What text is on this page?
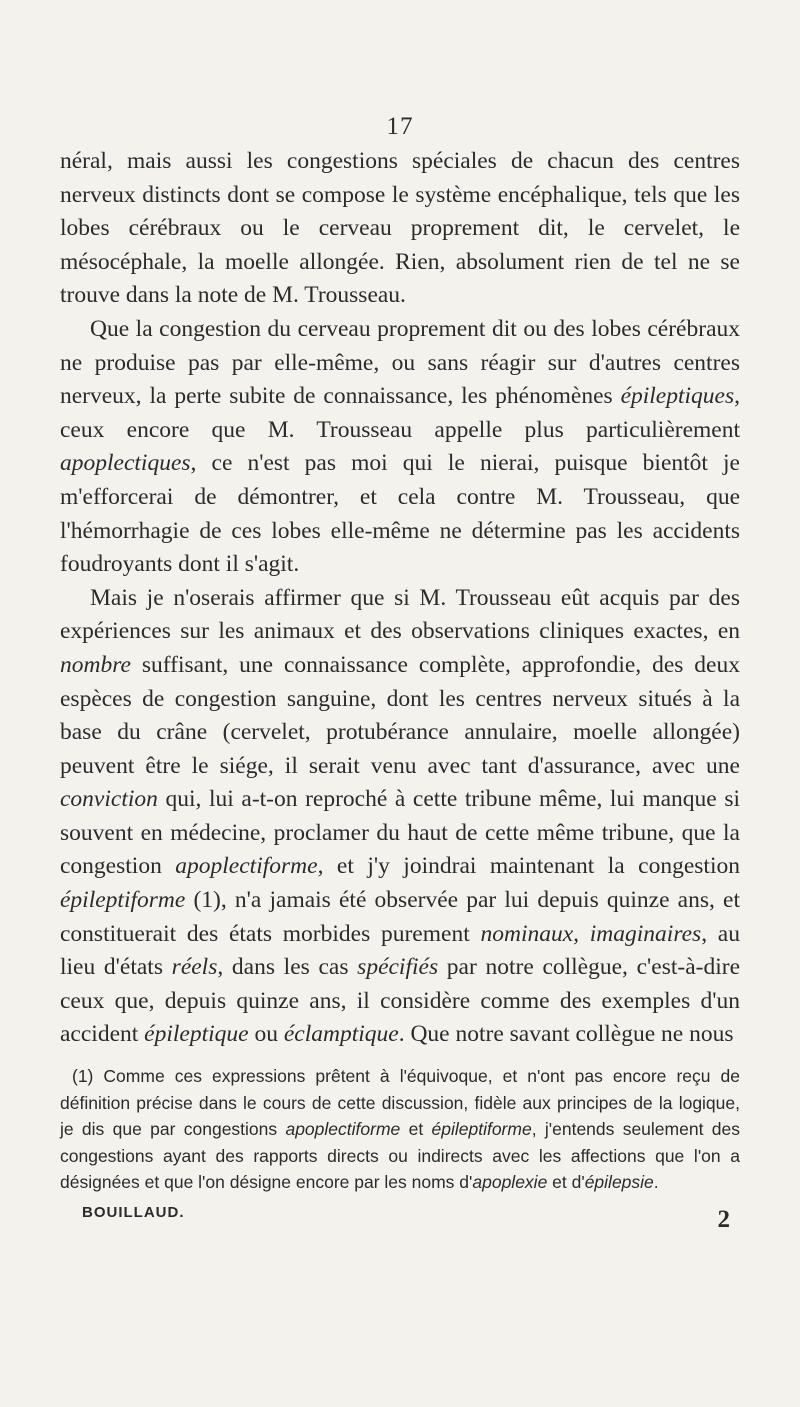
17

néral, mais aussi les congestions spéciales de chacun des centres nerveux distincts dont se compose le système encéphalique, tels que les lobes cérébraux ou le cerveau proprement dit, le cervelet, le mésocéphale, la moelle allongée. Rien, absolument rien de tel ne se trouve dans la note de M. Trousseau.

Que la congestion du cerveau proprement dit ou des lobes cérébraux ne produise pas par elle-même, ou sans réagir sur d'autres centres nerveux, la perte subite de connaissance, les phénomènes épileptiques, ceux encore que M. Trousseau appelle plus particulièrement apoplectiques, ce n'est pas moi qui le nierai, puisque bientôt je m'efforcerai de démontrer, et cela contre M. Trousseau, que l'hémorrhagie de ces lobes elle-même ne détermine pas les accidents foudroyants dont il s'agit.

Mais je n'oserais affirmer que si M. Trousseau eût acquis par des expériences sur les animaux et des observations cliniques exactes, en nombre suffisant, une connaissance complète, approfondie, des deux espèces de congestion sanguine, dont les centres nerveux situés à la base du crâne (cervelet, protubérance annulaire, moelle allongée) peuvent être le siége, il serait venu avec tant d'assurance, avec une conviction qui, lui a-t-on reproché à cette tribune même, lui manque si souvent en médecine, proclamer du haut de cette même tribune, que la congestion apoplectiforme, et j'y joindrai maintenant la congestion épileptiforme (1), n'a jamais été observée par lui depuis quinze ans, et constituerait des états morbides purement nominaux, imaginaires, au lieu d'états réels, dans les cas spécifiés par notre collègue, c'est-à-dire ceux que, depuis quinze ans, il considère comme des exemples d'un accident épileptique ou éclamptique. Que notre savant collègue ne nous

(1) Comme ces expressions prêtent à l'équivoque, et n'ont pas encore reçu de définition précise dans le cours de cette discussion, fidèle aux principes de la logique, je dis que par congestions apoplectiforme et épileptiforme, j'entends seulement des congestions ayant des rapports directs ou indirects avec les affections que l'on a désignées et que l'on désigne encore par les noms d'apoplexie et d'épilepsie.

BOUILLAUD.	2
